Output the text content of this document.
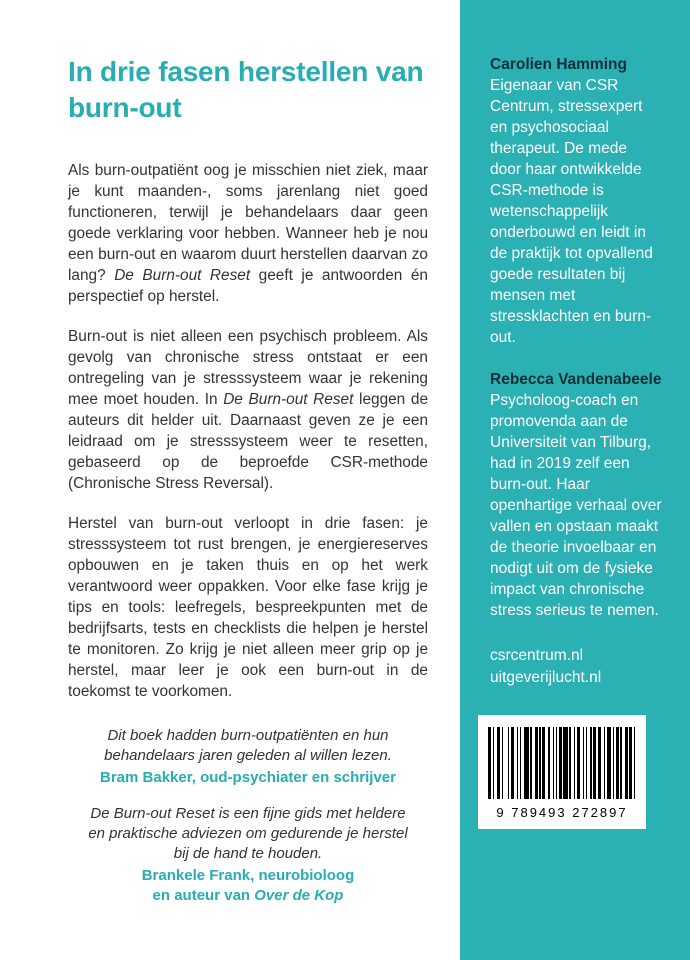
In drie fasen herstellen van burn-out

Als burn-outpatiënt oog je misschien niet ziek, maar je kunt maanden-, soms jarenlang niet goed functioneren, terwijl je behandelaars daar geen goede verklaring voor hebben. Wanneer heb je nou een burn-out en waarom duurt herstellen daarvan zo lang? De Burn-out Reset geeft je antwoorden én perspectief op herstel.

Burn-out is niet alleen een psychisch probleem. Als gevolg van chronische stress ontstaat er een ontregeling van je stresssysteem waar je rekening mee moet houden. In De Burn-out Reset leggen de auteurs dit helder uit. Daarnaast geven ze je een leidraad om je stresssysteem weer te resetten, gebaseerd op de beproefde CSR-methode (Chronische Stress Reversal).

Herstel van burn-out verloopt in drie fasen: je stresssysteem tot rust brengen, je energiereserves opbouwen en je taken thuis en op het werk verantwoord weer oppakken. Voor elke fase krijg je tips en tools: leefregels, bespreekpunten met de bedrijfsarts, tests en checklists die helpen je herstel te monitoren. Zo krijg je niet alleen meer grip op je herstel, maar leer je ook een burn-out in de toekomst te voorkomen.

Dit boek hadden burn-outpatiënten en hun behandelaars jaren geleden al willen lezen.

Bram Bakker, oud-psychiater en schrijver

De Burn-out Reset is een fijne gids met heldere en praktische adviezen om gedurende je herstel bij de hand te houden.

Brankele Frank, neurobioloog

en auteur van Over de Kop

Carolien Hamming

Eigenaar van CSR Centrum, stressexpert en psychosociaal therapeut. De mede door haar ontwikkelde CSR-methode is wetenschappelijk onderbouwd en leidt in de praktijk tot opvallend goede resultaten bij mensen met stressklachten en burn-out.

Rebecca Vandenabeele

Psycholoog-coach en promovenda aan de Universiteit van Tilburg, had in 2019 zelf een burn-out. Haar openhartige verhaal over vallen en opstaan maakt de theorie invoelbaar en nodigt uit om de fysieke impact van chronische stress serieus te nemen.

csrcentrum.nl
uitgeverijlucht.nl
9 789493 272897
